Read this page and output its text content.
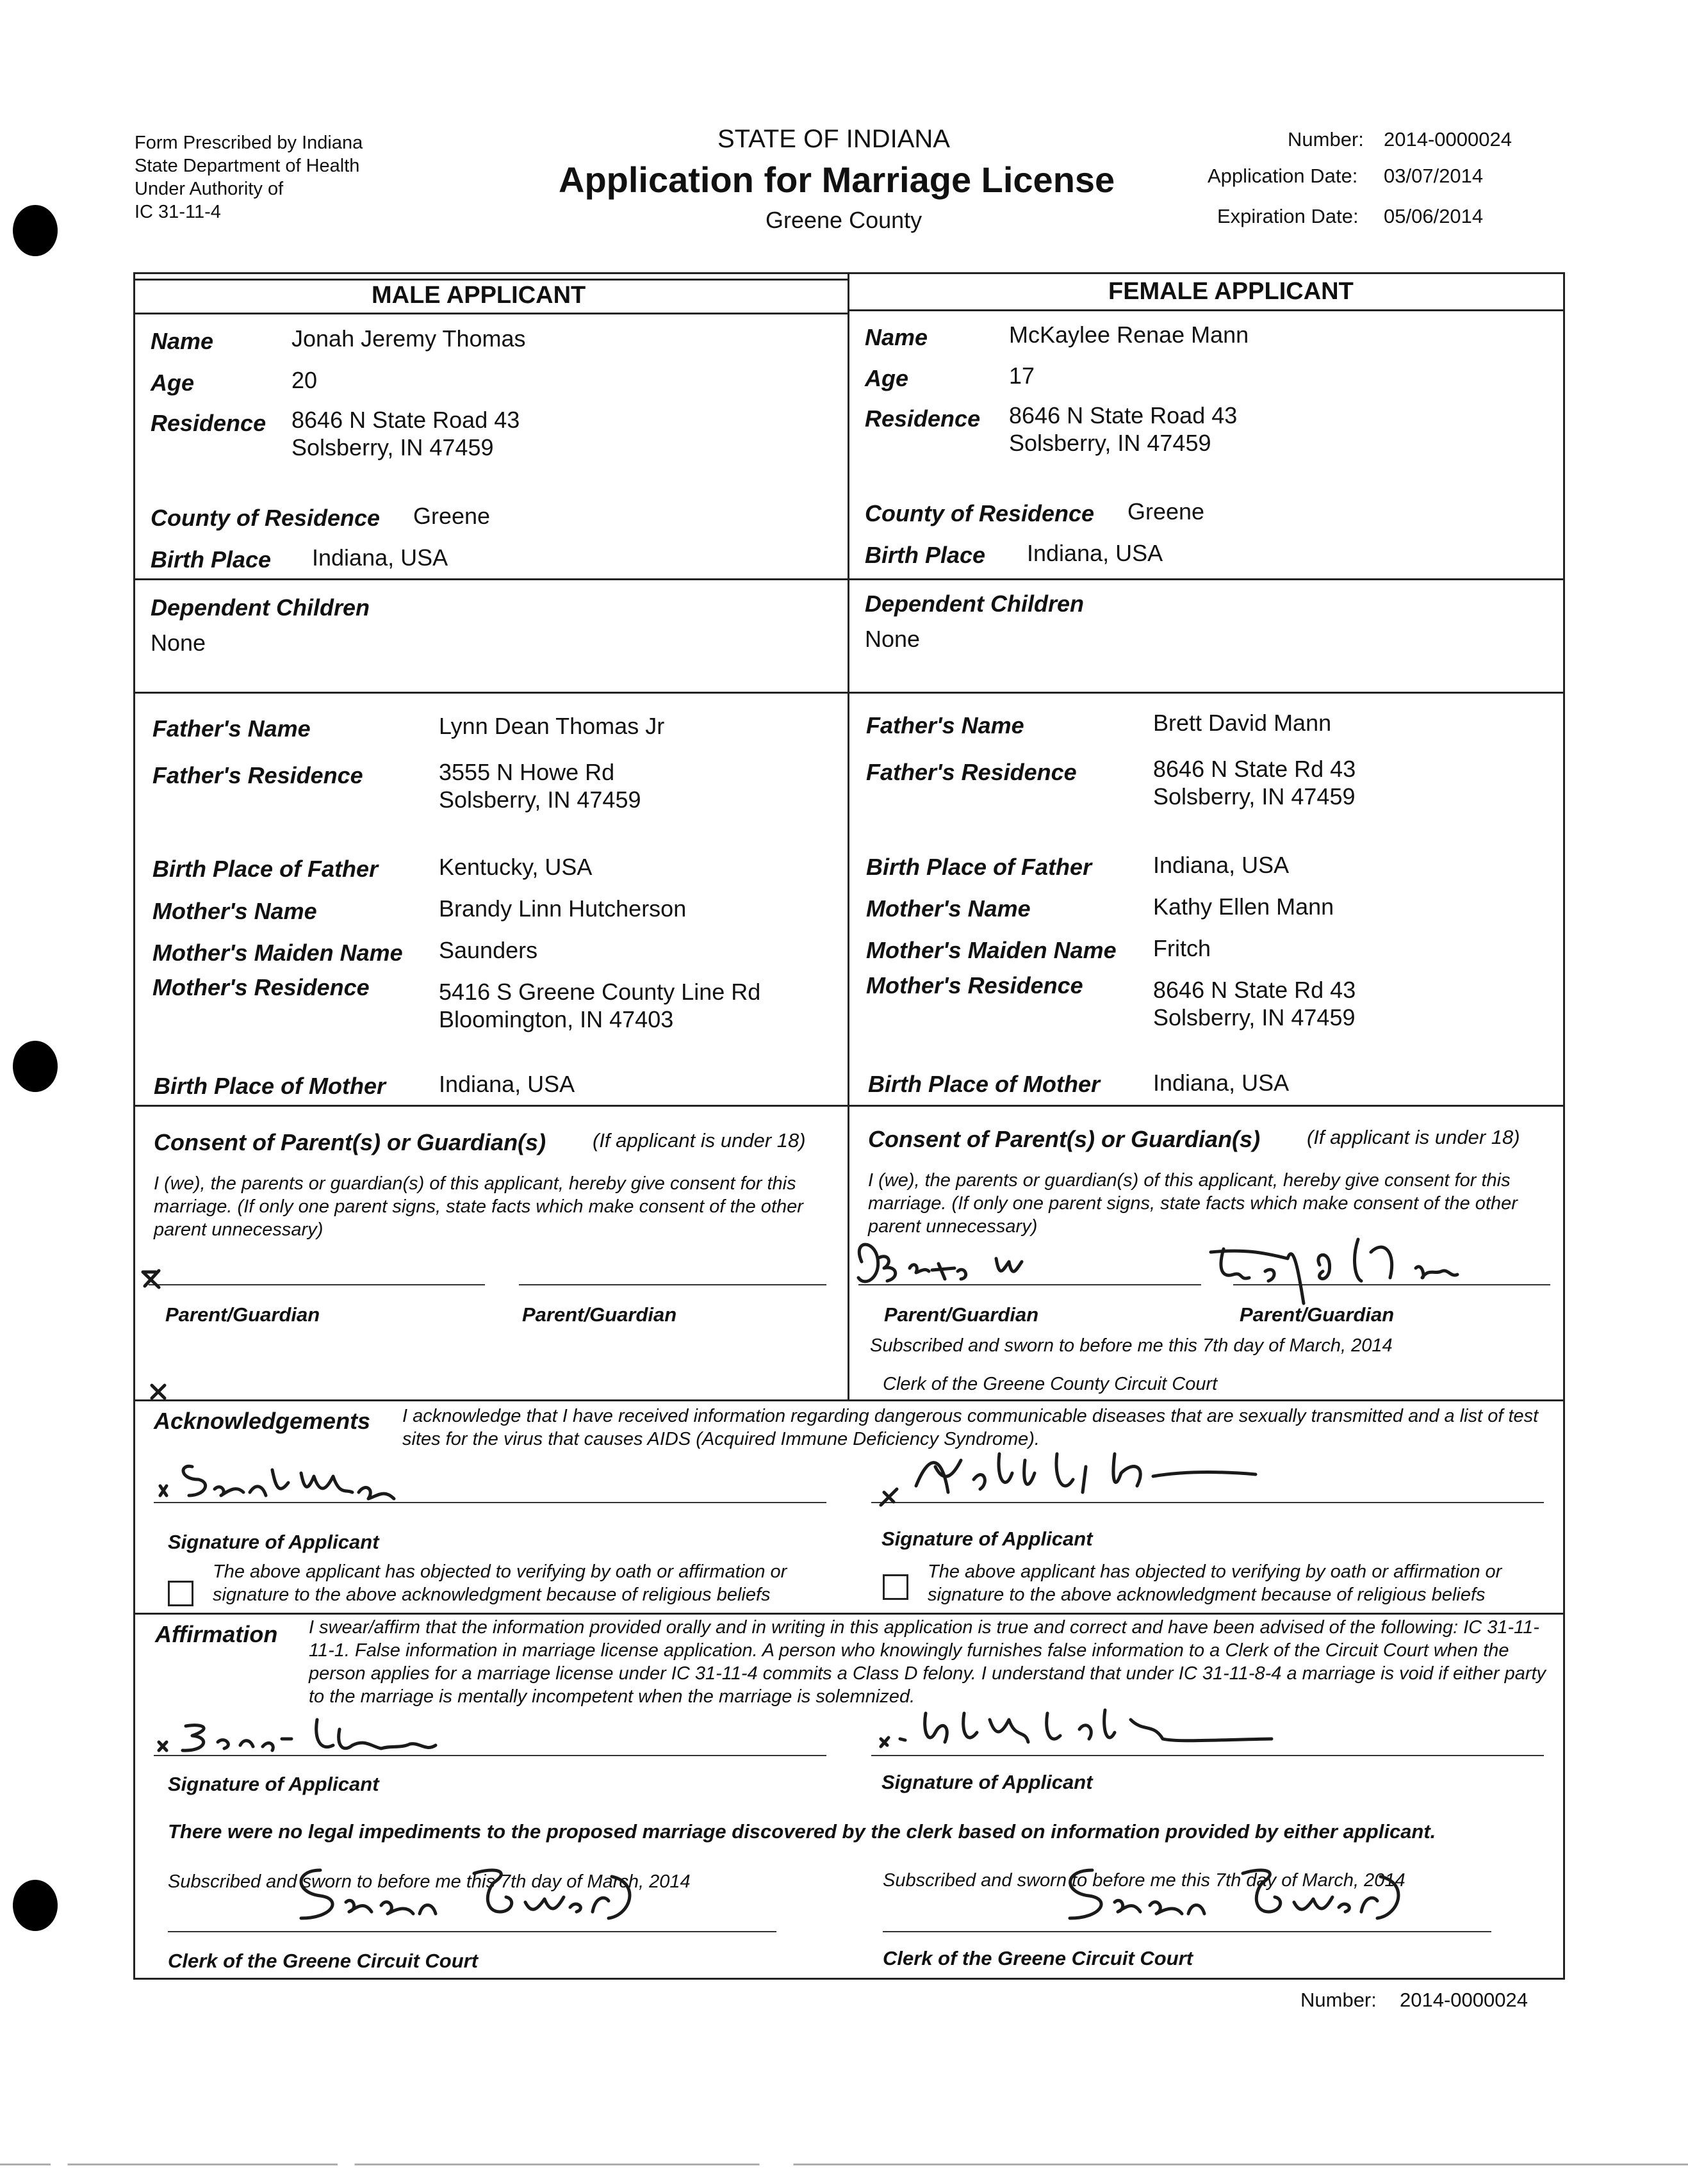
Form Prescribed by Indiana
State Department of Health
Under Authority of
IC 31-11-4
STATE OF INDIANA
Application for Marriage License
Greene County
Number: 2014-0000024
Application Date: 03/07/2014
Expiration Date: 05/06/2014
MALE APPLICANT	FEMALE APPLICANT
Name	Jonah Jeremy Thomas
Age	20
Residence 8646 N State Road 43
Solsberry, IN 47459
County of Residence Greene
Birth Place Indiana, USA
Name	McKaylee Renae Mann
Age	17
Residence 8646 N State Road 43
Solsberry, IN 47459
County of Residence Greene
Birth Place Indiana, USA
Dependent Children
None
Dependent Children
None
Father's Name	Lynn Dean Thomas Jr
Father's Residence	3555 N Howe Rd
Solsberry, IN 47459
Birth Place of Father	Kentucky, USA
Mother's Name	Brandy Linn Hutcherson
Mother's Maiden Name Saunders
Mother's Residence	5416 S Greene County Line Rd
Bloomington, IN 47403
Birth Place of Mother Indiana, USA
Father's Name	Brett David Mann
Father's Residence	8646 N State Rd 43
Solsberry, IN 47459
Birth Place of Father	Indiana, USA
Mother's Name	Kathy Ellen Mann
Mother's Maiden Name Fritch
Mother's Residence	8646 N State Rd 43
Solsberry, IN 47459
Birth Place of Mother Indiana, USA
Consent of Parent(s) or Guardian(s) (If applicant is under 18)
I (we), the parents or guardian(s) of this applicant, hereby give consent for this marriage. (If only one parent signs, state facts which make consent of the other parent unnecessary)
Parent/Guardian	Parent/Guardian
Consent of Parent(s) or Guardian(s) (If applicant is under 18)
I (we), the parents or guardian(s) of this applicant, hereby give consent for this marriage. (If only one parent signs, state facts which make consent of the other parent unnecessary)
Parent/Guardian	Parent/Guardian
Subscribed and sworn to before me this 7th day of March, 2014
Clerk of the Greene County Circuit Court
Acknowledgements I acknowledge that I have received information regarding dangerous communicable diseases that are sexually transmitted and a list of test sites for the virus that causes AIDS (Acquired Immune Deficiency Syndrome).
Signature of Applicant	Signature of Applicant
The above applicant has objected to verifying by oath or affirmation or signature to the above acknowledgment because of religious beliefs
The above applicant has objected to verifying by oath or affirmation or signature to the above acknowledgment because of religious beliefs
Affirmation I swear/affirm that the information provided orally and in writing in this application is true and correct and have been advised of the following: IC 31-11-11-1. False information in marriage license application. A person who knowingly furnishes false information to a Clerk of the Circuit Court when the person applies for a marriage license under IC 31-11-4 commits a Class D felony. I understand that under IC 31-11-8-4 a marriage is void if either party to the marriage is mentally incompetent when the marriage is solemnized.
Signature of Applicant	Signature of Applicant
There were no legal impediments to the proposed marriage discovered by the clerk based on information provided by either applicant.
Subscribed and sworn to before me this 7th day of March, 2014	Subscribed and sworn to before me this 7th day of March, 2014
Clerk of the Greene Circuit Court	Clerk of the Greene Circuit Court
Number: 2014-0000024
